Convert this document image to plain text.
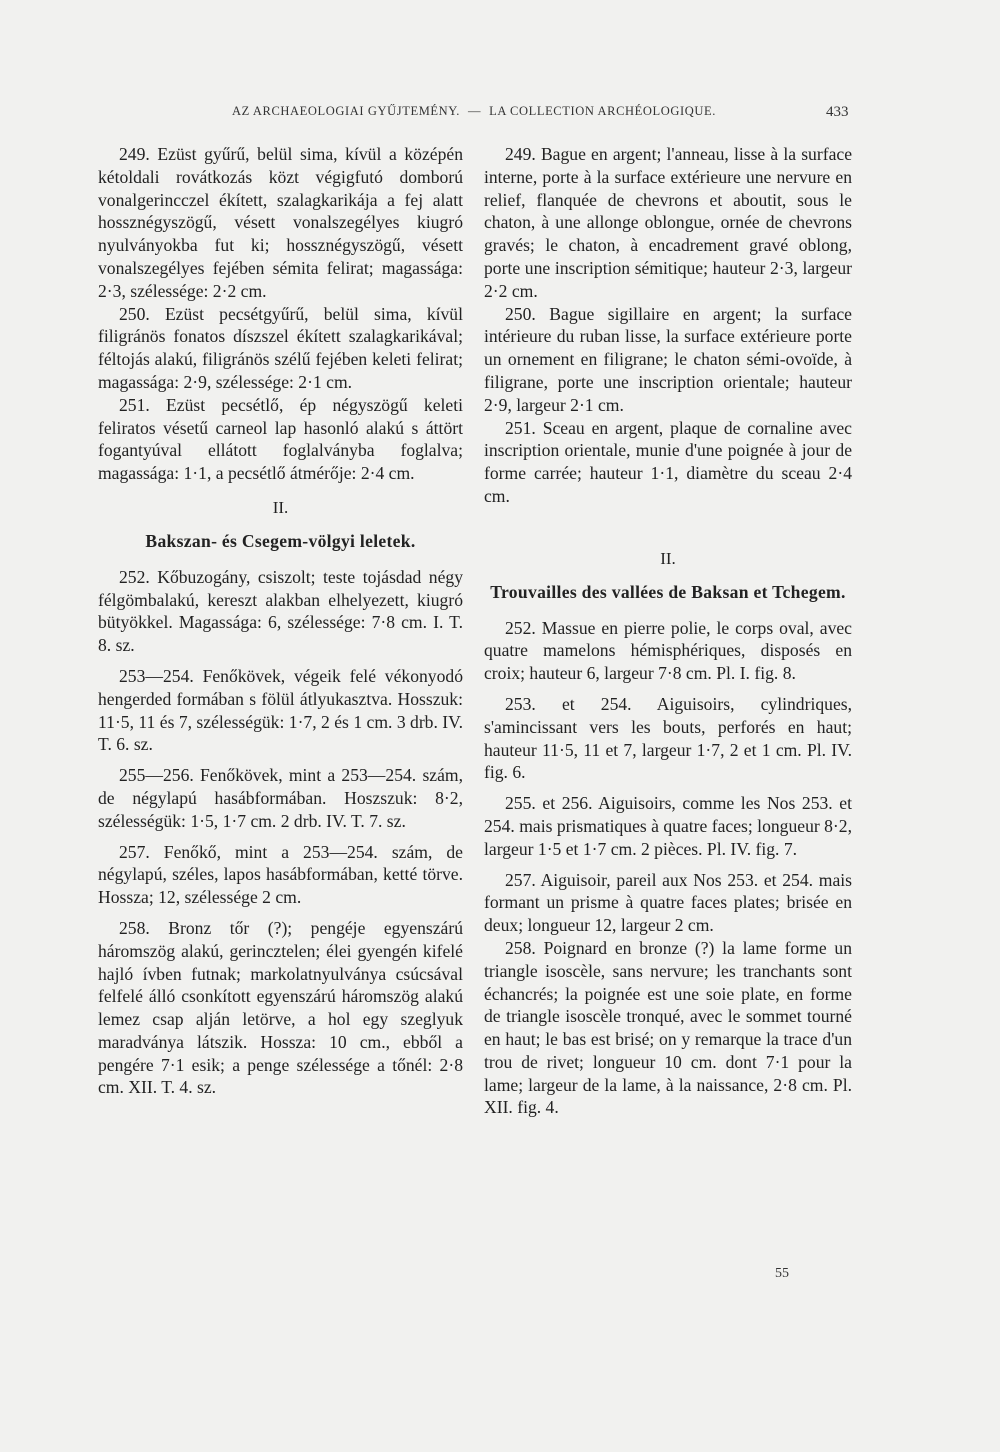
AZ ARCHAEOLOGIAI GYŰJTEMÉNY. — LA COLLECTION ARCHÉOLOGIQUE.	433

249. Ezüst gyűrű, belül sima, kívül a középén kétoldali rovátkozás közt végigfutó domború vonalgerincczel ékített, szalagkarikája a fej alatt hossznégyszögű, vésett vonalszegélyes kiugró nyulványokba fut ki; hossznégyszögű, vésett vonalszegélyes fejében sémita felirat; magassága: 2·3, szélessége: 2·2 cm.

250. Ezüst pecsétgyűrű, belül sima, kívül filigránös fonatos díszszel ékített szalagkarikával; féltojás alakú, filigránös szélű fejében keleti felirat; magassága: 2·9, szélessége: 2·1 cm.

251. Ezüst pecsétlő, ép négyszögű keleti feliratos vésetű carneol lap hasonló alakú s áttört fogantyúval ellátott foglalványba foglalva; magassága: 1·1, a pecsétlő átmérője: 2·4 cm.

II.
Bakszan- és Csegem-völgyi leletek.

252. Kőbuzogány, csiszolt; teste tojásdad négy félgömbalakú, kereszt alakban elhelyezett, kiugró bütyökkel. Magassága: 6, szélessége: 7·8 cm. I. T. 8. sz.

253—254. Fenőkövek, végeik felé vékonyodó hengerded formában s fölül átlyukasztva. Hosszuk: 11·5, 11 és 7, szélességük: 1·7, 2 és 1 cm. 3 drb. IV. T. 6. sz.

255—256. Fenőkövek, mint a 253—254. szám, de négylapú hasábformában. Hoszszuk: 8·2, szélességük: 1·5, 1·7 cm. 2 drb. IV. T. 7. sz.

257. Fenőkő, mint a 253—254. szám, de négylapú, széles, lapos hasábformában, ketté törve. Hossza; 12, szélessége 2 cm.

258. Bronz tőr (?); pengéje egyenszárú háromszög alakú, gerincztelen; élei gyengén kifelé hajló ívben futnak; markolatnyulványa csúcsával felfelé álló csonkított egyenszárú háromszög alakú lemez csap alján letörve, a hol egy szeglyuk maradványa látszik. Hossza: 10 cm., ebből a pengére 7·1 esik; a penge szélessége a tőnél: 2·8 cm. XII. T. 4. sz.

249. Bague en argent; l'anneau, lisse à la surface interne, porte à la surface extérieure une nervure en relief, flanquée de chevrons et aboutit, sous le chaton, à une allonge oblongue, ornée de chevrons gravés; le chaton, à encadrement gravé oblong, porte une inscription sémitique; hauteur 2·3, largeur 2·2 cm.

250. Bague sigillaire en argent; la surface intérieure du ruban lisse, la surface extérieure porte un ornement en filigrane; le chaton sémi-ovoïde, à filigrane, porte une inscription orientale; hauteur 2·9, largeur 2·1 cm.

251. Sceau en argent, plaque de cornaline avec inscription orientale, munie d'une poignée à jour de forme carrée; hauteur 1·1, diamètre du sceau 2·4 cm.

II.
Trouvailles des vallées de Baksan et Tchegem.

252. Massue en pierre polie, le corps oval, avec quatre mamelons hémisphériques, disposés en croix; hauteur 6, largeur 7·8 cm. Pl. I. fig. 8.

253. et 254. Aiguisoirs, cylindriques, s'amincissant vers les bouts, perforés en haut; hauteur 11·5, 11 et 7, largeur 1·7, 2 et 1 cm. Pl. IV. fig. 6.

255. et 256. Aiguisoirs, comme les Nos 253. et 254. mais prismatiques à quatre faces; longueur 8·2, largeur 1·5 et 1·7 cm. 2 pièces. Pl. IV. fig. 7.

257. Aiguisoir, pareil aux Nos 253. et 254. mais formant un prisme à quatre faces plates; brisée en deux; longueur 12, largeur 2 cm.

258. Poignard en bronze (?) la lame forme un triangle isoscèle, sans nervure; les tranchants sont échancrés; la poignée est une soie plate, en forme de triangle isoscèle tronqué, avec le sommet tourné en haut; le bas est brisé; on y remarque la trace d'un trou de rivet; longueur 10 cm. dont 7·1 pour la lame; largeur de la lame, à la naissance, 2·8 cm. Pl. XII. fig. 4.

55
